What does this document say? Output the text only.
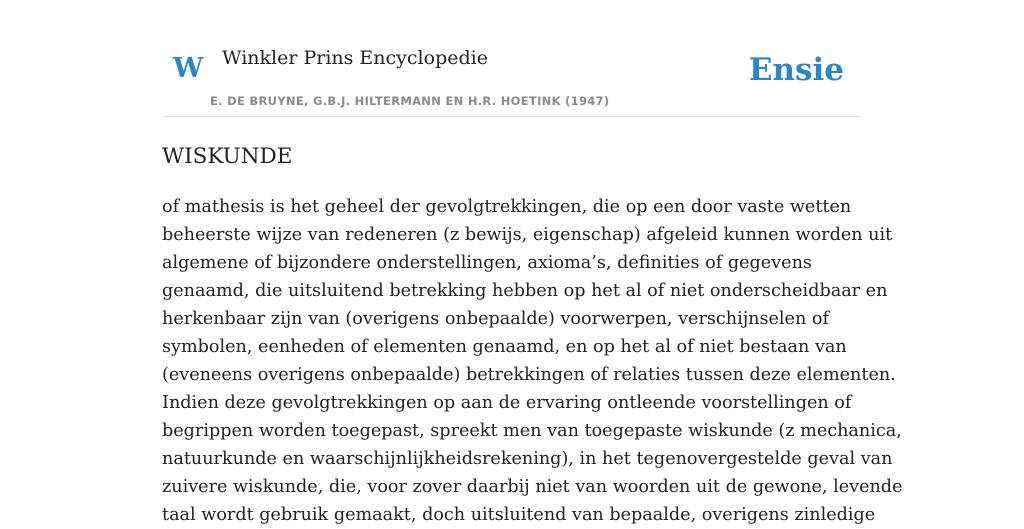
W Winkler Prins Encyclopedie	Ensie
E. DE BRUYNE, G.B.J. HILTERMANN EN H.R. HOETINK (1947)
WISKUNDE
of mathesis is het geheel der gevolgtrekkingen, die op een door vaste wetten
beheerste wijze van redeneren (z bewijs, eigenschap) afgeleid kunnen worden uit
algemene of bijzondere onderstellingen, axioma’s, definities of gegevens
genaamd, die uitsluitend betrekking hebben op het al of niet onderscheidbaar en
herkenbaar zijn van (overigens onbepaalde) voorwerpen, verschijnselen of
symbolen, eenheden of elementen genaamd, en op het al of niet bestaan van
(eveneens overigens onbepaalde) betrekkingen of relaties tussen deze elementen.
Indien deze gevolgtrekkingen op aan de ervaring ontleende voorstellingen of
begrippen worden toegepast, spreekt men van toegepaste wiskunde (z mechanica,
natuurkunde en waarschijnlijkheidsrekening), in het tegenovergestelde geval van
zuivere wiskunde, die, voor zover daarbij niet van woorden uit de gewone, levende
taal wordt gebruik gemaakt, doch uitsluitend van bepaalde, overigens zinledige
